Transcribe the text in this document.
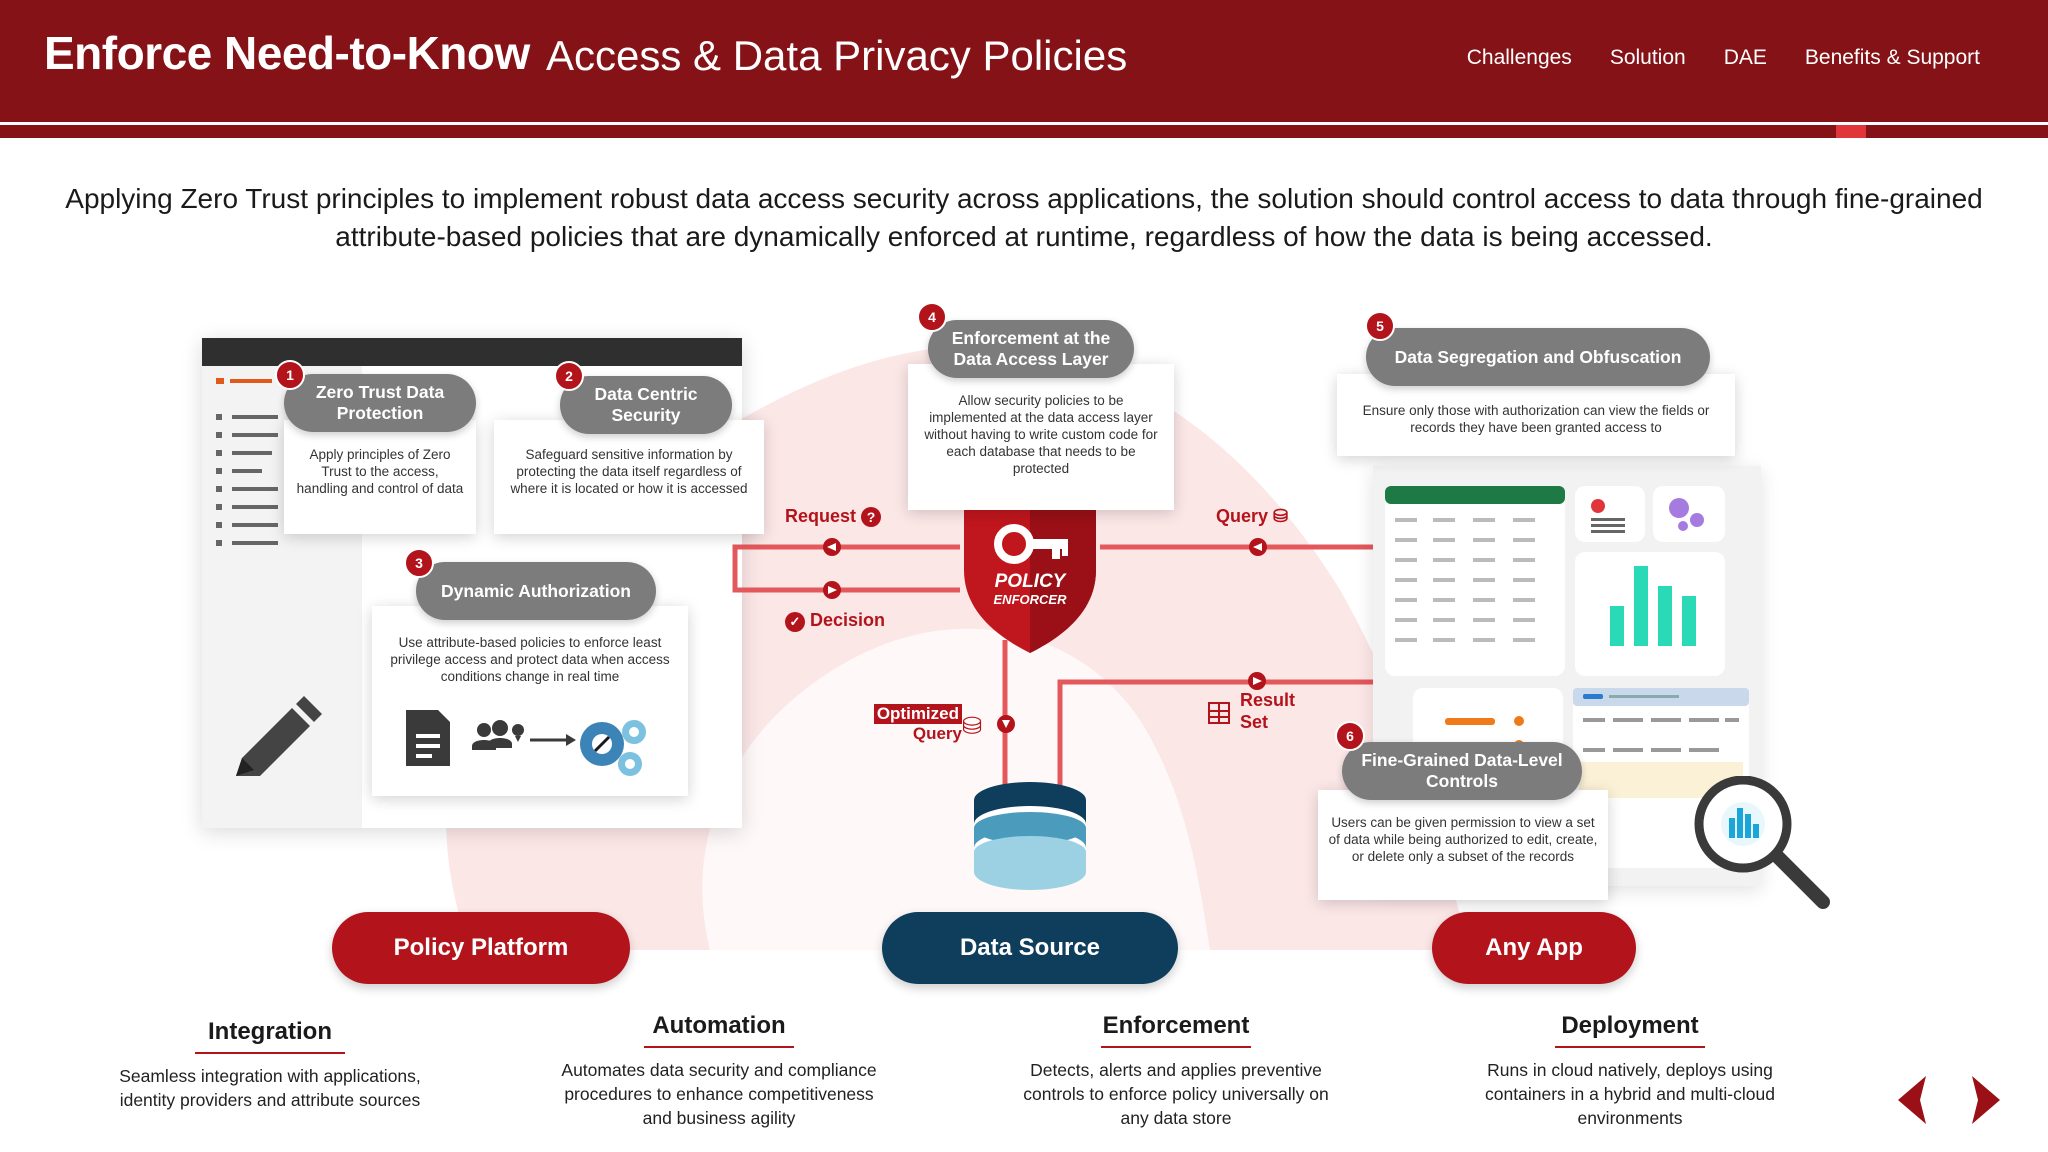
Enforce Need-to-Know Access & Data Privacy Policies	Challenges Solution DAE Benefits & Support
Applying Zero Trust principles to implement robust data access security across applications, the solution should control access to data through fine-grained attribute-based policies that are dynamically enforced at runtime, regardless of how the data is being accessed.
POLICY
ENFORCER
Request ?
✓ Decision
Query ⛁
Optimized
Query ⛁
Result
Set
Apply principles of Zero Trust to the access, handling and control of data
Zero Trust Data Protection
1
Safeguard sensitive information by protecting the data itself regardless of where it is located or how it is accessed
Data Centric Security
2
Use attribute-based policies to enforce least privilege access and protect data when access conditions change in real time
Dynamic Authorization
3
Allow security policies to be implemented at the data access layer without having to write custom code for each database that needs to be protected
Enforcement at the Data Access Layer
4
Ensure only those with authorization can view the fields or records they have been granted access to
Data Segregation and Obfuscation
5
Users can be given permission to view a set of data while being authorized to edit, create, or delete only a subset of the records
Fine-Grained Data-Level Controls
6
Policy Platform	Data Source	Any App
Integration

Seamless integration with applications, identity providers and attribute sources

Automation

Automates data security and compliance procedures to enhance competitiveness and business agility

Enforcement

Detects, alerts and applies preventive controls to enforce policy universally on any data store

Deployment

Runs in cloud natively, deploys using containers in a hybrid and multi-cloud environments
